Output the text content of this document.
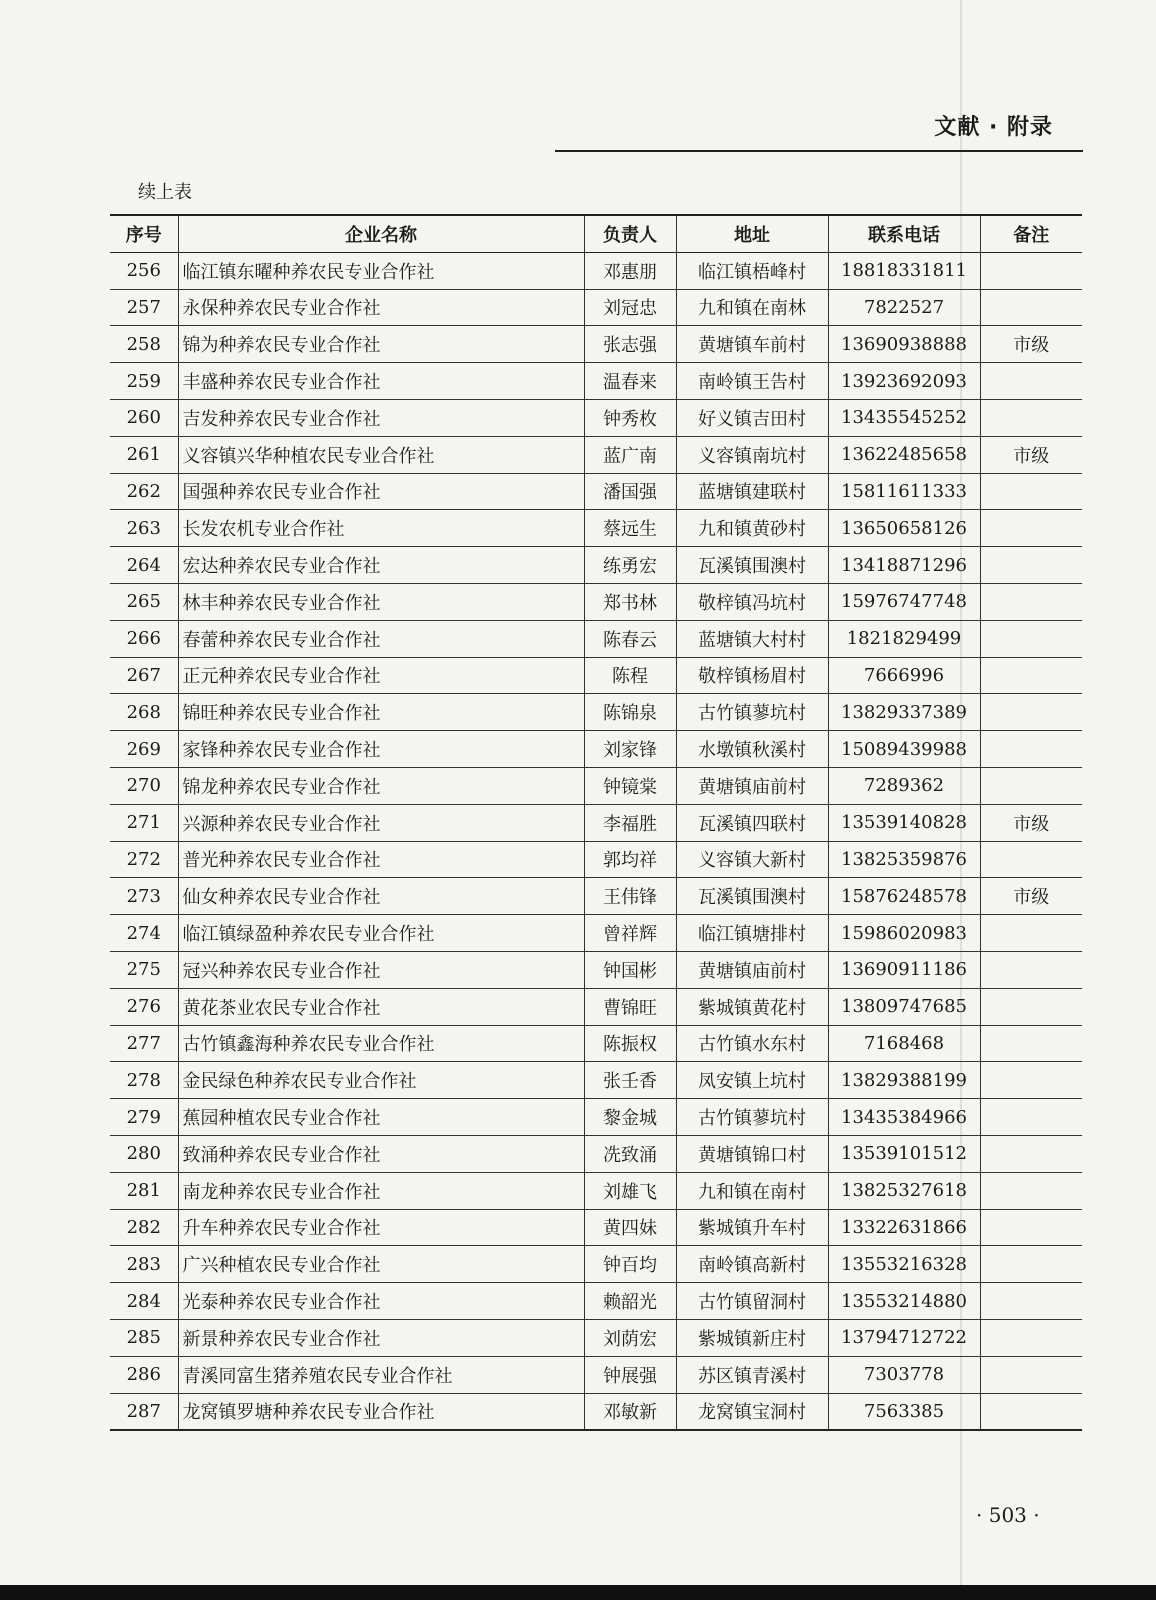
文献 · 附录
续上表
序号	企业名称	负责人	地址	联系电话	备注
256	临江镇东曜种养农民专业合作社	邓惠朋	临江镇梧峰村	18818331811	
257	永保种养农民专业合作社	刘冠忠	九和镇在南林	7822527	
258	锦为种养农民专业合作社	张志强	黄塘镇车前村	13690938888	市级
259	丰盛种养农民专业合作社	温春来	南岭镇王告村	13923692093	
260	吉发种养农民专业合作社	钟秀枚	好义镇吉田村	13435545252	
261	义容镇兴华种植农民专业合作社	蓝广南	义容镇南坑村	13622485658	市级
262	国强种养农民专业合作社	潘国强	蓝塘镇建联村	15811611333	
263	长发农机专业合作社	蔡远生	九和镇黄砂村	13650658126	
264	宏达种养农民专业合作社	练勇宏	瓦溪镇围澳村	13418871296	
265	林丰种养农民专业合作社	郑书林	敬梓镇冯坑村	15976747748	
266	春蕾种养农民专业合作社	陈春云	蓝塘镇大村村	1821829499	
267	正元种养农民专业合作社	陈程	敬梓镇杨眉村	7666996	
268	锦旺种养农民专业合作社	陈锦泉	古竹镇蓼坑村	13829337389	
269	家锋种养农民专业合作社	刘家锋	水墩镇秋溪村	15089439988	
270	锦龙种养农民专业合作社	钟镜棠	黄塘镇庙前村	7289362	
271	兴源种养农民专业合作社	李福胜	瓦溪镇四联村	13539140828	市级
272	普光种养农民专业合作社	郭均祥	义容镇大新村	13825359876	
273	仙女种养农民专业合作社	王伟锋	瓦溪镇围澳村	15876248578	市级
274	临江镇绿盈种养农民专业合作社	曾祥辉	临江镇塘排村	15986020983	
275	冠兴种养农民专业合作社	钟国彬	黄塘镇庙前村	13690911186	
276	黄花茶业农民专业合作社	曹锦旺	紫城镇黄花村	13809747685	
277	古竹镇鑫海种养农民专业合作社	陈振权	古竹镇水东村	7168468	
278	金民绿色种养农民专业合作社	张壬香	凤安镇上坑村	13829388199	
279	蕉园种植农民专业合作社	黎金城	古竹镇蓼坑村	13435384966	
280	致涌种养农民专业合作社	冼致涌	黄塘镇锦口村	13539101512	
281	南龙种养农民专业合作社	刘雄飞	九和镇在南村	13825327618	
282	升车种养农民专业合作社	黄四妹	紫城镇升车村	13322631866	
283	广兴种植农民专业合作社	钟百均	南岭镇高新村	13553216328	
284	光泰种养农民专业合作社	赖韶光	古竹镇留洞村	13553214880	
285	新景种养农民专业合作社	刘荫宏	紫城镇新庄村	13794712722	
286	青溪同富生猪养殖农民专业合作社	钟展强	苏区镇青溪村	7303778	
287	龙窝镇罗塘种养农民专业合作社	邓敏新	龙窝镇宝洞村	7563385	
· 503 ·
